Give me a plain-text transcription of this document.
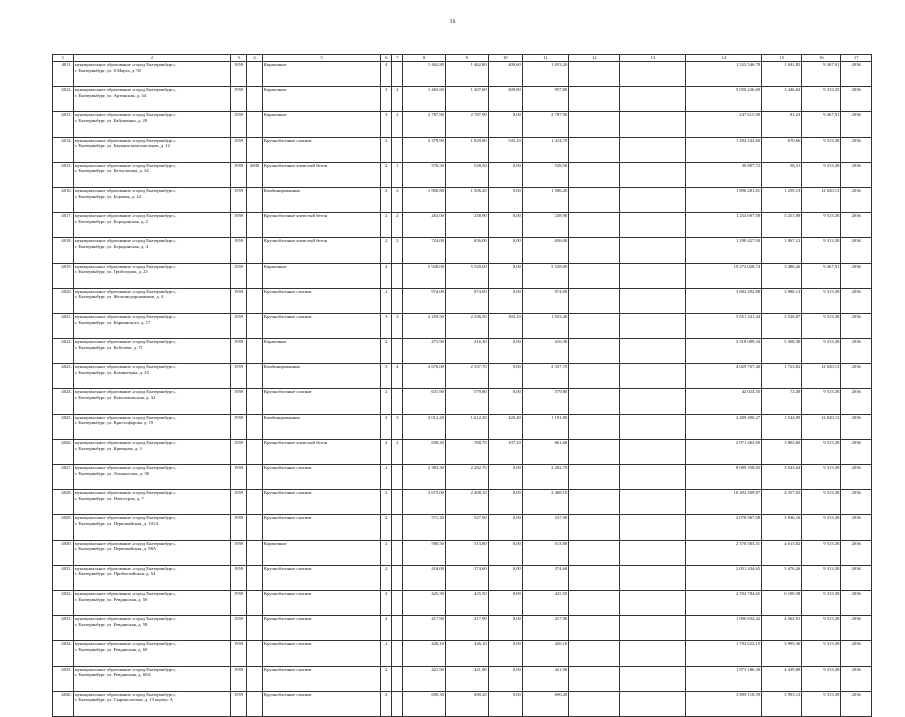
16
1	2	3	4	5	6	7	8	9	10	11	12	13	14	15	16	17
4011.	муниципальное образование «город Екатеринбург»,
г. Екатеринбург, ул. 8 Марта, д. 95	1959		Кирпичные	4		1 462,80	1 462,80	409,60	1 053,20			1 522 546,78	1 041,85	9 267,91	2036
4012.	муниципальное образование «город Екатеринбург»,
г. Екатеринбург, ул. Артинская, д. 34	1959		Кирпичные	3	2	1 465,60	1 367,60	409,80	957,80			5 050 226,69	3 446,02	9 313,35	2036
4013.	муниципальное образование «город Екатеринбург»,
г. Екатеринбург, ул. Бабушкина, д. 20	1959		Кирпичные	3	2	2 787,90	2 787,90	0,00	2 787,90			247 615,90	81,23	9 267,91	2036
4014.	муниципальное образование «город Екатеринбург»,
г. Екатеринбург, ул. Баумана комсомольцев, д. 12	1959		Крупноблочные силикат	2		2 379,90	1 929,80	545,10	1 414,70			1 294 242,60	670,66	9 313,38	2036
4015.	муниципальное образование «город Екатеринбург»,
г. Екатеринбург, ул. Белоглазова, д. 34	1959	2000	Крупноблочные ячеистый бетон	2	1	576,50	528,50	0,00	528,50			30 807,72	58,31	9 313,38	2036
4016.	муниципальное образование «город Екатеринбург»,
г. Екатеринбург, ул. Боровая, д. 24	1959		Комбинированные	2	3	1 900,80	1 506,20	0,00	1 506,20			1 896 281,81	1 259,13	12 020,13	2036
4017.	муниципальное образование «город Екатеринбург»,
г. Екатеринбург, ул. Бородинская, д. 2	1959		Крупноблочные ячеистый бетон	2	2	263,00	238,90	0,00	238,90			1 254 697,58	5 251,98	9 313,38	2036
4018.	муниципальное образование «город Екатеринбург»,
г. Екатеринбург, ул. Бородинская, д. 4	1959		Крупноблочные ячеистый бетон	2	2	724,00	656,00	0,00	656,00			1 290 427,94	1 967,12	9 313,38	2036
4019.	муниципальное образование «город Екатеринбург»,
г. Екатеринбург, ул. Грибоедова, д. 25	1959		Кирпичные	4		5 928,00	5 528,00	0,00	5 528,00			19 272 028,74	3 486,26	9 267,91	2036
4020.	муниципальное образование «город Екатеринбург»,
г. Екатеринбург, ул. Железнодорожников, д. 4	1959		Крупноблочные силикат	2		974,00	974,00	0,00	974,00			3 882 492,88	3 986,13	9 313,38	2036
4021.	муниципальное образование «город Екатеринбург»,
г. Екатеринбург, ул. Карпинского, д. 17	1959		Крупноблочные силикат	3	3	2 459,50	2 236,50	303,10	1 933,40			5 651 241,44	2 526,87	9 313,38	2036
4022.	муниципальное образование «город Екатеринбург»,
г. Екатеринбург, ул. Кобозева, д. 71	1959		Кирпичные	2		471,90	416,30	0,00	416,30			2 318 089,34	5 568,30	9 313,38	2036
4023.	муниципальное образование «город Екатеринбург»,
г. Екатеринбург, ул. Коминтерна, д. 25	1959		Комбинированные	3	4	2 676,00	2 337,70	0,00	2 337,70			4 029 767,40	1 723,82	12 020,13	2036
4024.	муниципальное образование «город Екатеринбург»,
г. Екатеринбург, ул. Комсомольская, д. 32	1959		Крупноблочные силикат	2		631,90	579,80	0,00	579,80			42 024,35	72,48	9 313,38	2036
4025.	муниципальное образование «город Екатеринбург»,
г. Екатеринбург, ул. Кристофорова, д. 19	1959		Комбинированные	2	3	2 012,20	1 612,20	420,40	1 191,80			2 489 490,27	1 544,09	12 020,13	2036
4026.	муниципальное образование «город Екатеринбург»,
г. Екатеринбург, ул. Кривцова, д. 3	1959		Крупноблочные ячеистый бетон	2	2	838,20	768,70	107,10	661,60			2 971 463,69	3 865,60	9 313,38	2036
4027.	муниципальное образование «город Екатеринбург»,
г. Екатеринбург, ул. Ломоносова, д. 38	1959		Крупноблочные силикат	2		2 383,30	2 282,70	0,00	2 282,70			8 089 358,82	3 543,64	9 313,38	2036
4028.	муниципальное образование «город Екатеринбург»,
г. Екатеринбург, ул. Новостроя, д. 7	1959		Крупноблочные силикат	2		2 675,00	2 408,10	0,00	2 408,10			10 492 209,87	4 357,05	9 313,38	2036
4029.	муниципальное образование «город Екатеринбург»,
г. Екатеринбург, ул. Первомайская, д. 101А	1959		Крупноблочные силикат	2		571,20	527,90	0,00	527,90			2 078 967,68	3 936,16	9 313,38	2036
4030.	муниципальное образование «город Екатеринбург»,
г. Екатеринбург, ул. Первомайская, д. 98А	1959		Кирпичные	2		590,50	513,80	0,00	513,80			2 370 583,31	4 613,82	9 313,38	2036
4031.	муниципальное образование «город Екатеринбург»,
г. Екатеринбург, ул. Прибалтийская, д. 54	1959		Крупноблочные силикат	2		418,00	374,60	0,00	374,60			2 051 434,65	5 476,26	9 313,38	2036
4032.	муниципальное образование «город Екатеринбург»,
г. Екатеринбург, ул. Ревдинская, д. 56	1959		Крупноблочные силикат	2		425,50	425,50	0,00	425,50			2 594 784,65	6 100,38	9 313,38	2036
4033.	муниципальное образование «город Екатеринбург»,
г. Екатеринбург, ул. Ревдинская, д. 58	1959		Крупноблочные силикат	2		417,90	417,90	0,00	417,90			1 906 834,42	4 562,91	9 313,38	2036
4034.	муниципальное образование «город Екатеринбург»,
г. Екатеринбург, ул. Ревдинская, д. 60	1959		Крупноблочные силикат	2		426,10	426,10	0,00	426,10			1 702 622,15	3 995,36	9 313,38	2036
4035.	муниципальное образование «город Екатеринбург»,
г. Екатеринбург, ул. Ревдинская, д. 60А	1959		Крупноблочные силикат	2		421,90	421,90	0,00	421,90			1 873 186,30	4 439,88	9 313,38	2036
4036.	муниципальное образование «город Екатеринбург»,
г. Екатеринбург, ул. Сыромолотова, д. 13 корпус А	1959		Крупноблочные силикат	2		690,30	690,20	0,00	690,20			3 899 118,59	5 993,12	9 313,38	2036
